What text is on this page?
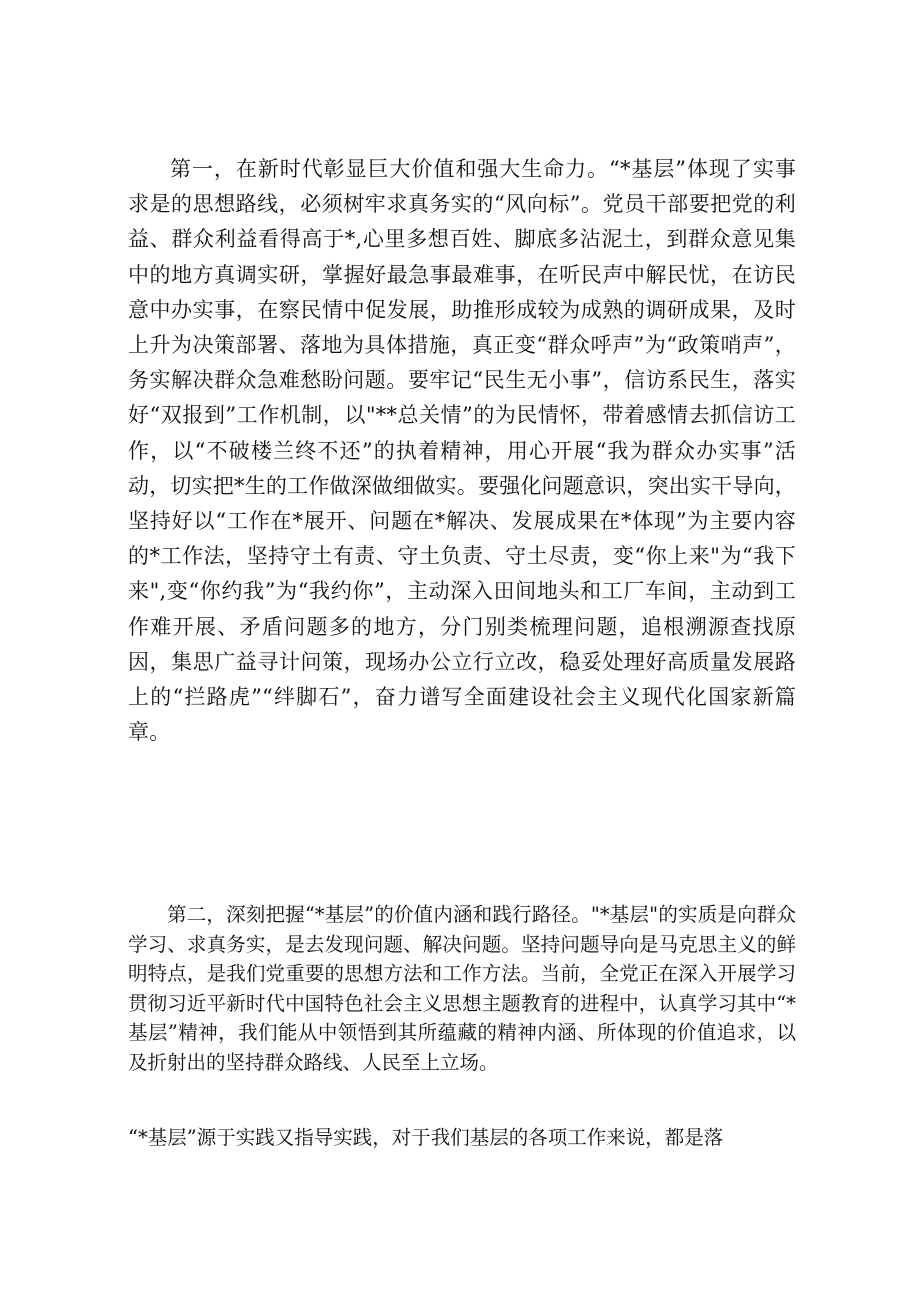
第一，在新时代彰显巨大价值和强大生命力。“*基层”体现了实事求是的思想路线，必须树牢求真务实的“风向标”。党员干部要把党的利益、群众利益看得高于*,心里多想百姓、脚底多沾泥土，到群众意见集中的地方真调实研，掌握好最急事最难事，在听民声中解民忧，在访民意中办实事，在察民情中促发展，助推形成较为成熟的调研成果，及时上升为决策部署、落地为具体措施，真正变“群众呼声”为“政策哨声”，务实解决群众急难愁盼问题。要牢记“民生无小事”，信访系民生，落实好“双报到”工作机制，以"**总关情”的为民情怀，带着感情去抓信访工作，以“不破楼兰终不还”的执着精神，用心开展“我为群众办实事”活动，切实把*生的工作做深做细做实。要强化问题意识，突出实干导向，坚持好以“工作在*展开、问题在*解决、发展成果在*体现”为主要内容的*工作法，坚持守土有责、守土负责、守土尽责，变“你上来"为“我下来",变“你约我”为“我约你”，主动深入田间地头和工厂车间，主动到工作难开展、矛盾问题多的地方，分门别类梳理问题，追根溯源查找原因，集思广益寻计问策，现场办公立行立改，稳妥处理好高质量发展路上的“拦路虎”“绊脚石”，奋力谱写全面建设社会主义现代化国家新篇章。

第二，深刻把握“*基层”的价值内涵和践行路径。"*基层"的实质是向群众学习、求真务实，是去发现问题、解决问题。坚持问题导向是马克思主义的鲜明特点，是我们党重要的思想方法和工作方法。当前，全党正在深入开展学习贯彻习近平新时代中国特色社会主义思想主题教育的进程中，认真学习其中“*基层”精神，我们能从中领悟到其所蕴藏的精神内涵、所体现的价值追求，以及折射出的坚持群众路线、人民至上立场。

“*基层”源于实践又指导实践，对于我们基层的各项工作来说，都是落
